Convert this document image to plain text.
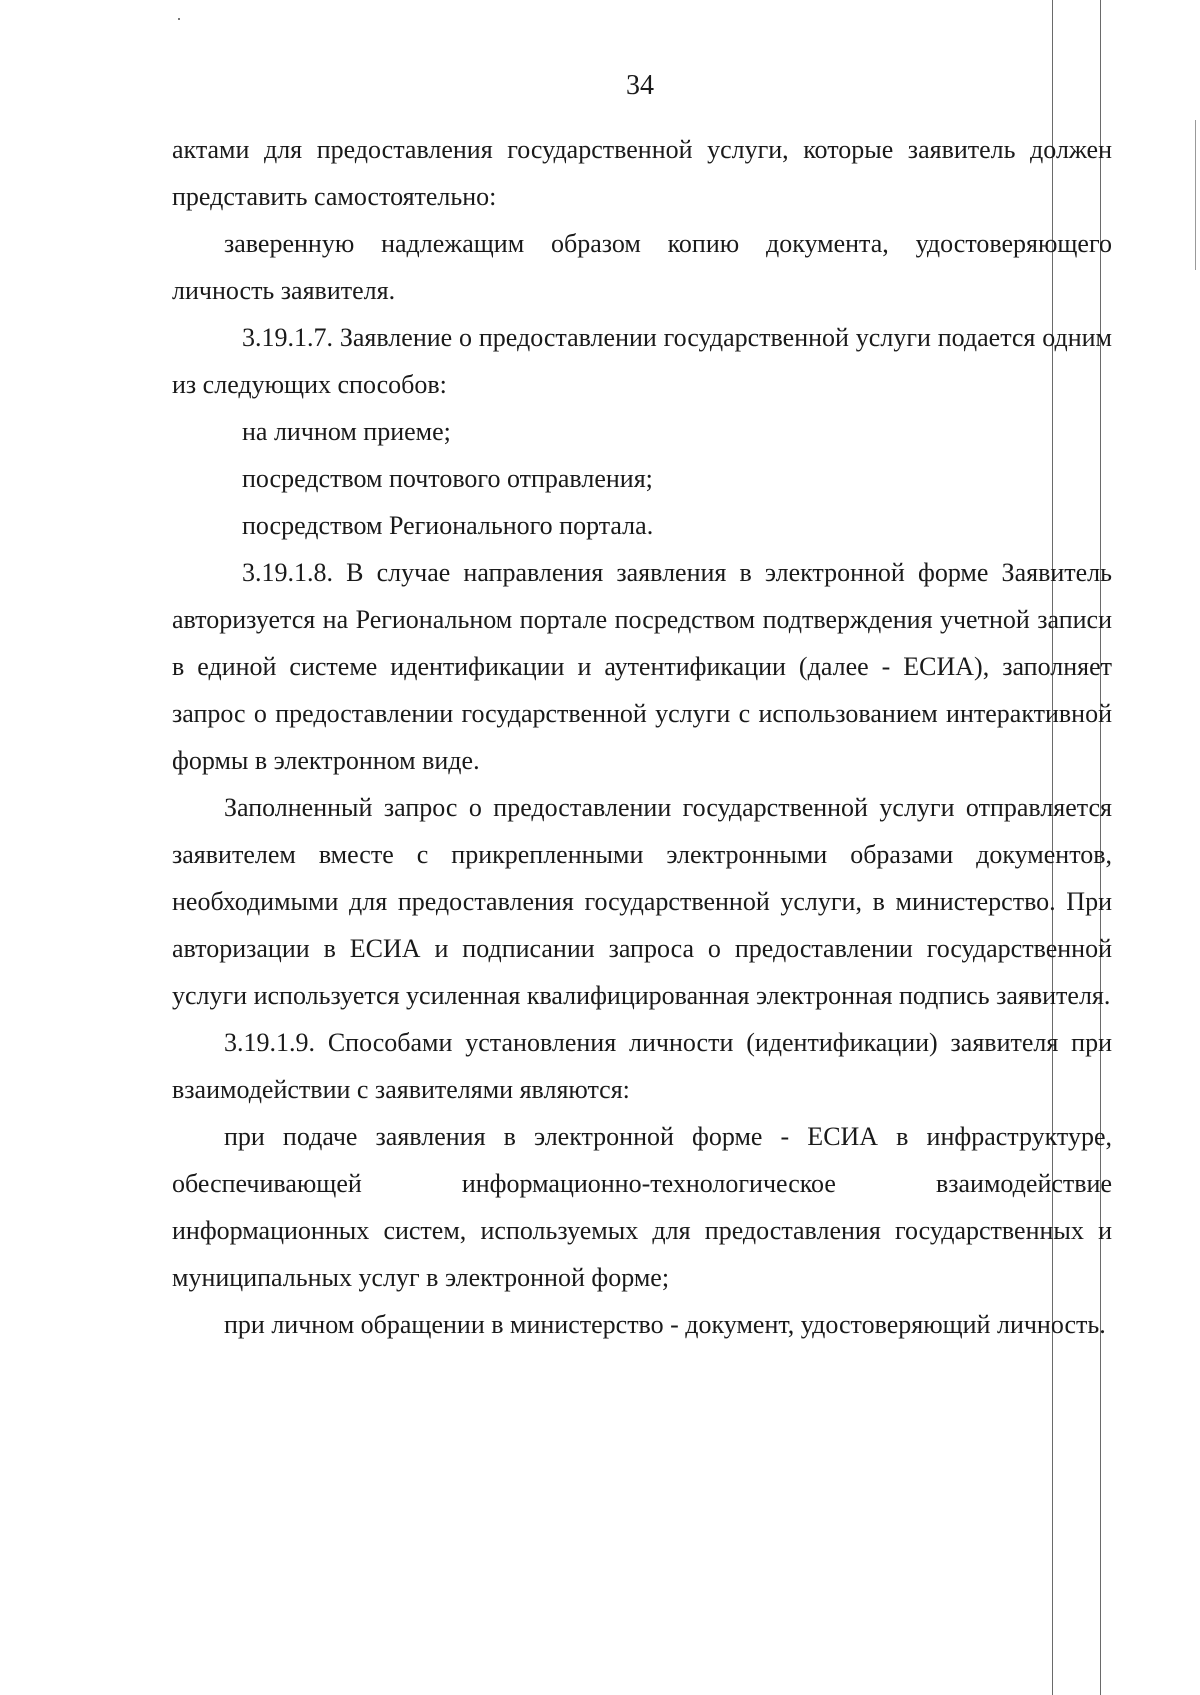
34

актами для предоставления государственной услуги, которые заявитель должен представить самостоятельно:

заверенную надлежащим образом копию документа, удостоверяющего личность заявителя.

3.19.1.7. Заявление о предоставлении государственной услуги подается одним из следующих способов:

на личном приеме;

посредством почтового отправления;

посредством Регионального портала.

3.19.1.8. В случае направления заявления в электронной форме Заявитель авторизуется на Региональном портале посредством подтверждения учетной записи в единой системе идентификации и аутентификации (далее - ЕСИА), заполняет запрос о предоставлении государственной услуги с использованием интерактивной формы в электронном виде.

Заполненный запрос о предоставлении государственной услуги отправляется заявителем вместе с прикрепленными электронными образами документов, необходимыми для предоставления государственной услуги, в министерство. При авторизации в ЕСИА и подписании запроса о предоставлении государственной услуги используется усиленная квалифицированная электронная подпись заявителя.

3.19.1.9. Способами установления личности (идентификации) заявителя при взаимодействии с заявителями являются:

при подаче заявления в электронной форме - ЕСИА в инфраструктуре, обеспечивающей информационно-технологическое взаимодействие информационных систем, используемых для предоставления государственных и муниципальных услуг в электронной форме;

при личном обращении в министерство - документ, удостоверяющий личность.
